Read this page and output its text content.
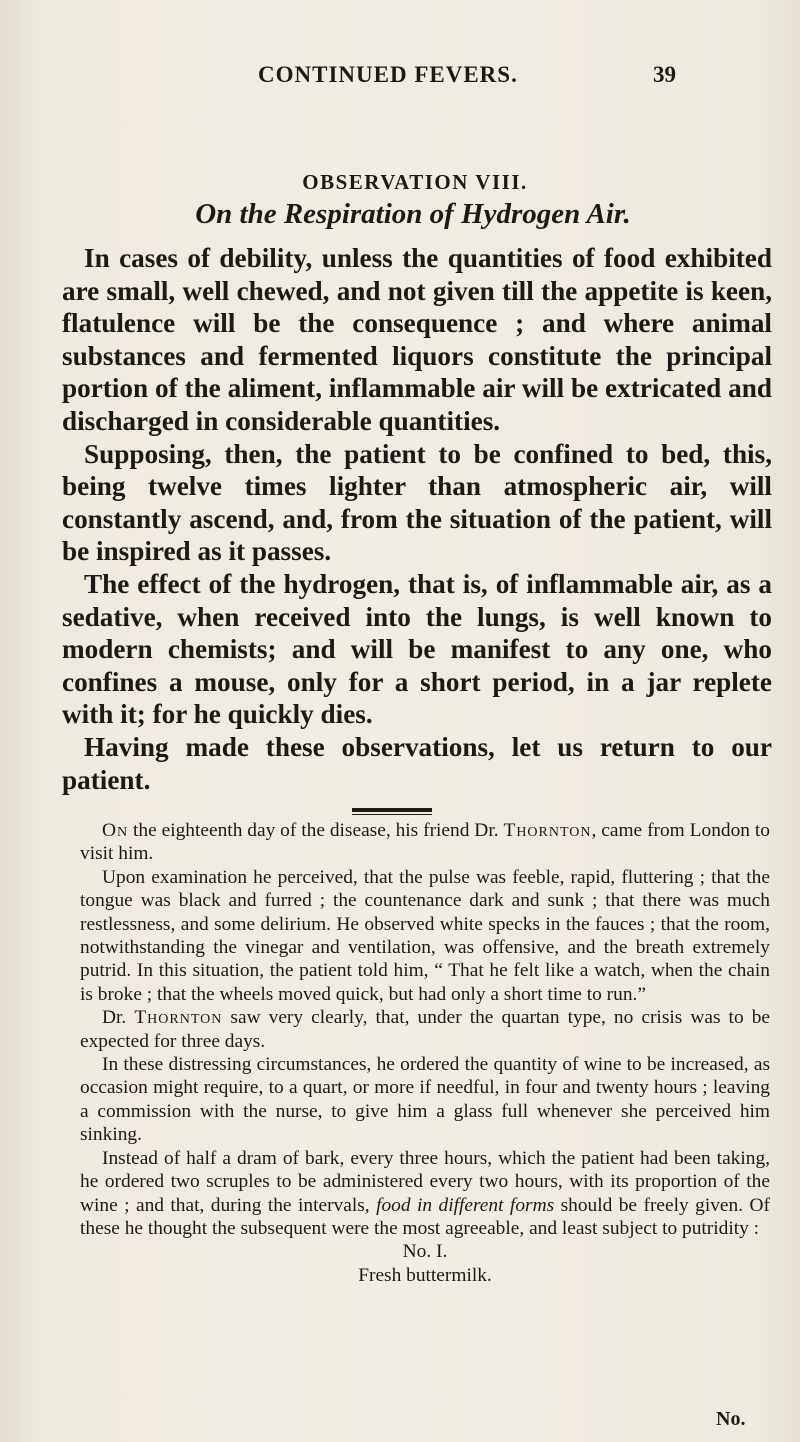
CONTINUED FEVERS.	39
OBSERVATION VIII.
On the Respiration of Hydrogen Air.

In cases of debility, unless the quantities of food exhibited are small, well chewed, and not given till the appetite is keen, flatulence will be the consequence ; and where animal substances and fermented liquors constitute the principal portion of the aliment, inflammable air will be extricated and discharged in considerable quantities.

Supposing, then, the patient to be confined to bed, this, being twelve times lighter than atmospheric air, will constantly ascend, and, from the situation of the patient, will be inspired as it passes.

The effect of the hydrogen, that is, of inflammable air, as a sedative, when received into the lungs, is well known to modern chemists; and will be manifest to any one, who confines a mouse, only for a short period, in a jar replete with it; for he quickly dies.

Having made these observations, let us return to our patient.

On the eighteenth day of the disease, his friend Dr. Thornton, came from London to visit him.

Upon examination he perceived, that the pulse was feeble, rapid, fluttering ; that the tongue was black and furred ; the countenance dark and sunk ; that there was much restlessness, and some delirium. He observed white specks in the fauces ; that the room, notwithstanding the vinegar and ventilation, was offensive, and the breath extremely putrid. In this situation, the patient told him, “ That he felt like a watch, when the chain is broke ; that the wheels moved quick, but had only a short time to run.”

Dr. Thornton saw very clearly, that, under the quartan type, no crisis was to be expected for three days.

In these distressing circumstances, he ordered the quantity of wine to be increased, as occasion might require, to a quart, or more if needful, in four and twenty hours ; leaving a commission with the nurse, to give him a glass full whenever she perceived him sinking.

Instead of half a dram of bark, every three hours, which the patient had been taking, he ordered two scruples to be administered every two hours, with its proportion of the wine ; and that, during the intervals, food in different forms should be freely given. Of these he thought the subsequent were the most agreeable, and least subject to putridity :

No. I.

Fresh buttermilk.

No.
